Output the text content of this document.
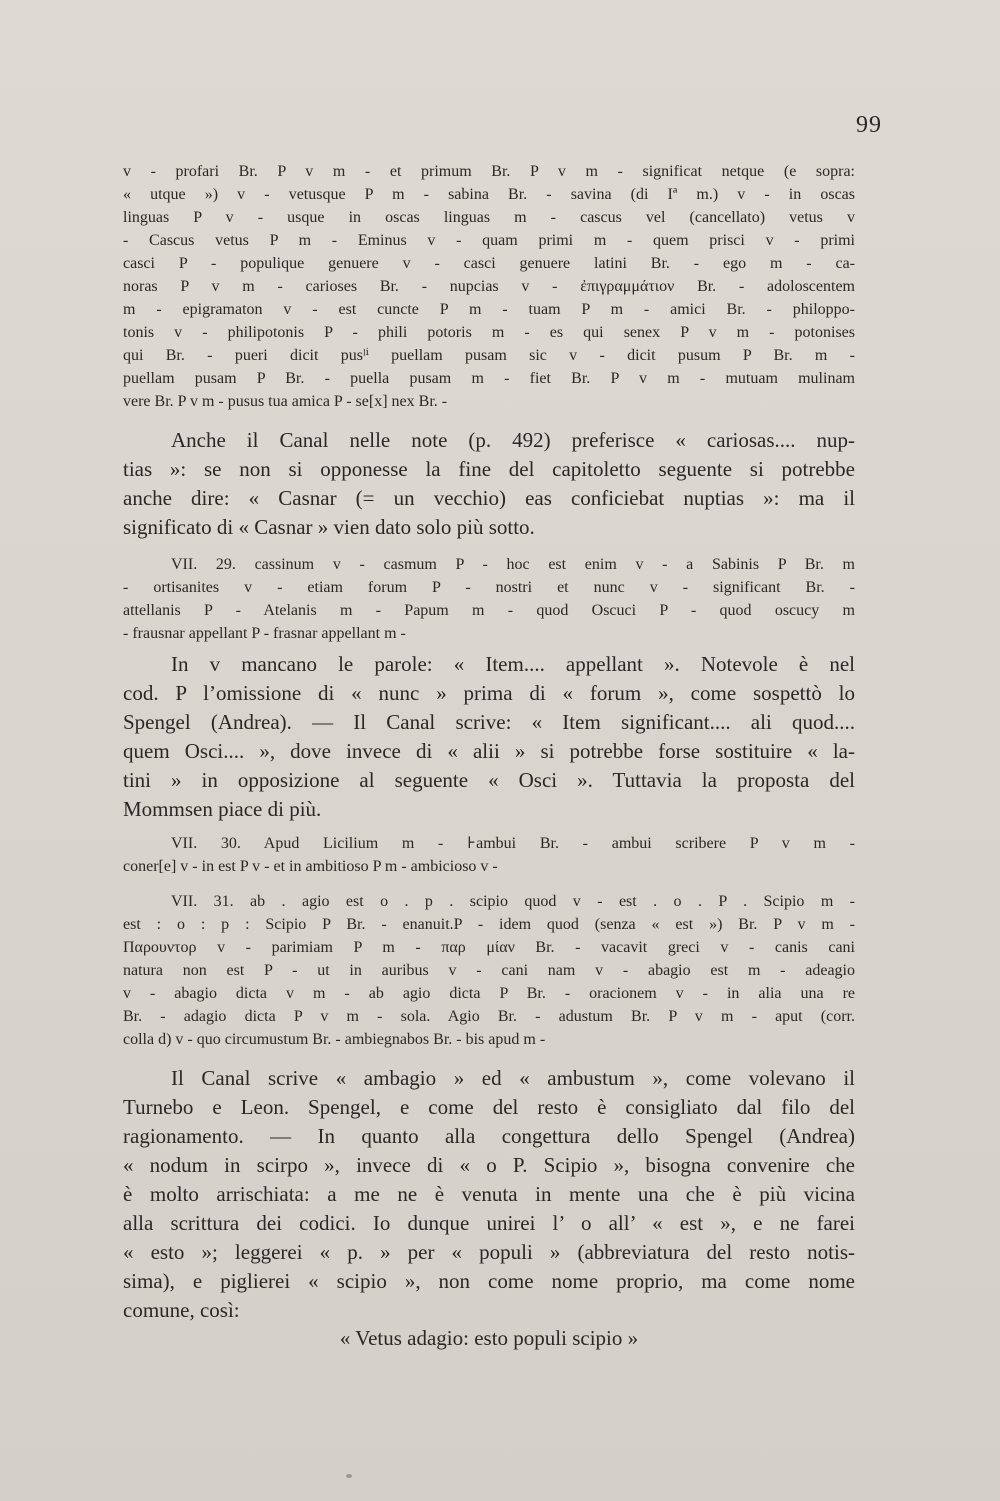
99
v - profari Br. P v m - et primum Br. P v m - significat netque (e sopra:
« utque ») v - vetusque P m - sabina Br. - savina (di Iª m.) v - in oscas
linguas P v - usque in oscas linguas m - cascus vel (cancellato) vetus v
- Cascus vetus P m - Eminus v - quam primi m - quem prisci v - primi
casci P - populique genuere v - casci genuere latini Br. - ego m - ca-
noras P v m - carioses Br. - nupcias v - ἐπιγραμμάτιον Br. - adoloscentem
m - epigramaton v - est cuncte P m - tuam P m - amici Br. - philoppo-
tonis v - philipotonis P - phili potoris m - es qui senex P v m - potonises
qui Br. - pueri dicit pusˡⁱ puellam pusam sic v - dicit pusum P Br. m -
puellam pusam P Br. - puella pusam m - fiet Br. P v m - mutuam mulinam
vere Br. P v m - pusus tua amica P - se[x] nex Br. -
Anche il Canal nelle note (p. 492) preferisce « cariosas.... nup-
tias »: se non si opponesse la fine del capitoletto seguente si potrebbe
anche dire: « Casnar (= un vecchio) eas conficiebat nuptias »: ma il
significato di « Casnar » vien dato solo più sotto.
VII. 29. cassinum v - casmum P - hoc est enim v - a Sabinis P Br. m
- ortisanites v - etiam forum P - nostri et nunc v - significant Br. -
attellanis P - Atelanis m - Papum m - quod Oscuci P - quod oscucy m
- frausnar appellant P - frasnar appellant m -
In v mancano le parole: « Item.... appellant ». Notevole è nel
cod. P l’omissione di « nunc » prima di « forum », come sospettò lo
Spengel (Andrea). — Il Canal scrive: « Item significant.... ali quod....
quem Osci.... », dove invece di « alii » si potrebbe forse sostituire « la-
tini » in opposizione al seguente « Osci ». Tuttavia la proposta del
Mommsen piace di più.
VII. 30. Apud Licilium m - ⊦ambui Br. - ambui scribere P v m -
coner[e] v - in est P v - et in ambitioso P m - ambicioso v -
VII. 31. ab . agio est o . p . scipio quod v - est . o . P . Scipio m -
est : o : p : Scipio P Br. - enanuit.P - idem quod (senza « est ») Br. P v m -
Παρουντορ v - parimiam P m - παρ μίαν Br. - vacavit greci v - canis cani
natura non est P - ut in auribus v - cani nam v - abagio est m - adeagio
v - abagio dicta v m - ab agio dicta P Br. - oracionem v - in alia una re
Br. - adagio dicta P v m - sola. Agio Br. - adustum Br. P v m - aput (corr.
colla d) v - quo circumustum Br. - ambiegnabos Br. - bis apud m -
Il Canal scrive « ambagio » ed « ambustum », come volevano il
Turnebo e Leon. Spengel, e come del resto è consigliato dal filo del
ragionamento. — In quanto alla congettura dello Spengel (Andrea)
« nodum in scirpo », invece di « o P. Scipio », bisogna convenire che
è molto arrischiata: a me ne è venuta in mente una che è più vicina
alla scrittura dei codici. Io dunque unirei l’ o all’ « est », e ne farei
« esto »; leggerei « p. » per « populi » (abbreviatura del resto notis-
sima), e piglierei « scipio », non come nome proprio, ma come nome
comune, così:
« Vetus adagio: esto populi scipio »
